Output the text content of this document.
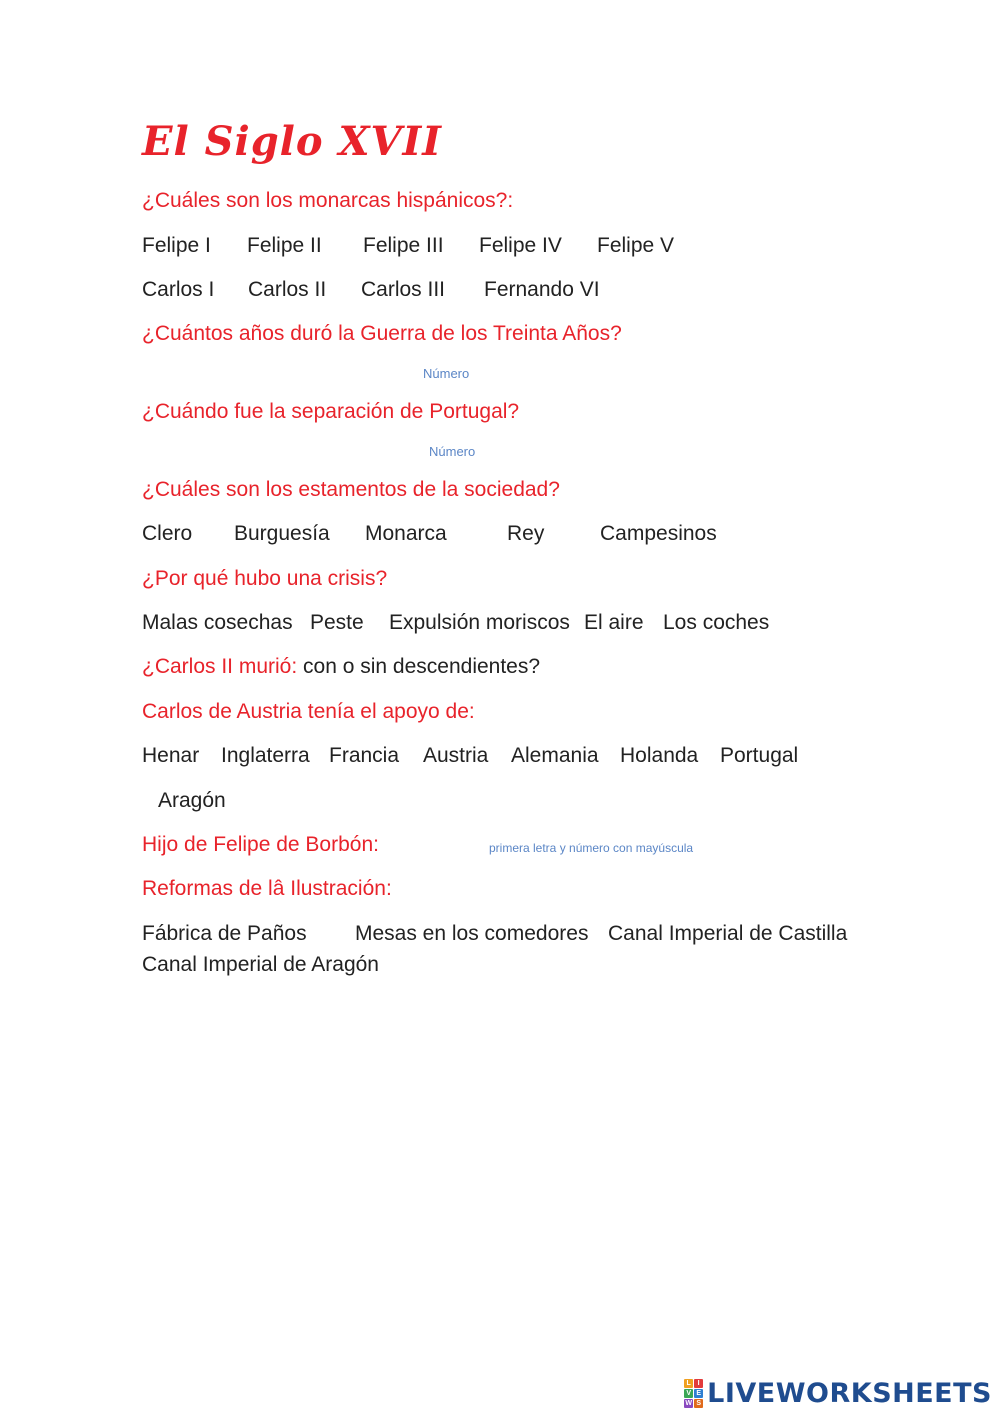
El Siglo XVII
¿Cuáles son los monarcas hispánicos?:
Felipe I Felipe II Felipe III Felipe IV Felipe V
Carlos I Carlos II Carlos III Fernando VI
¿Cuántos años duró la Guerra de los Treinta Años?
Número
¿Cuándo fue la separación de Portugal?
Número
¿Cuáles son los estamentos de la sociedad?
Clero Burguesía Monarca	Rey	Campesinos
¿Por qué hubo una crisis?
Malas cosechas Peste Expulsión moriscos El aire Los coches
¿Carlos II murió: con o sin descendientes?
Carlos de Austria tenía el apoyo de:
Henar Inglaterra Francia Austria Alemania Holanda Portugal
Aragón
Hijo de Felipe de Borbón:	primera letra y número con mayúscula
Reformas de lâ Ilustración:
Fábrica de Paños Mesas en los comedores Canal Imperial de Castilla
Canal Imperial de Aragón
L I
V E
W S LIVEWORKSHEETS
